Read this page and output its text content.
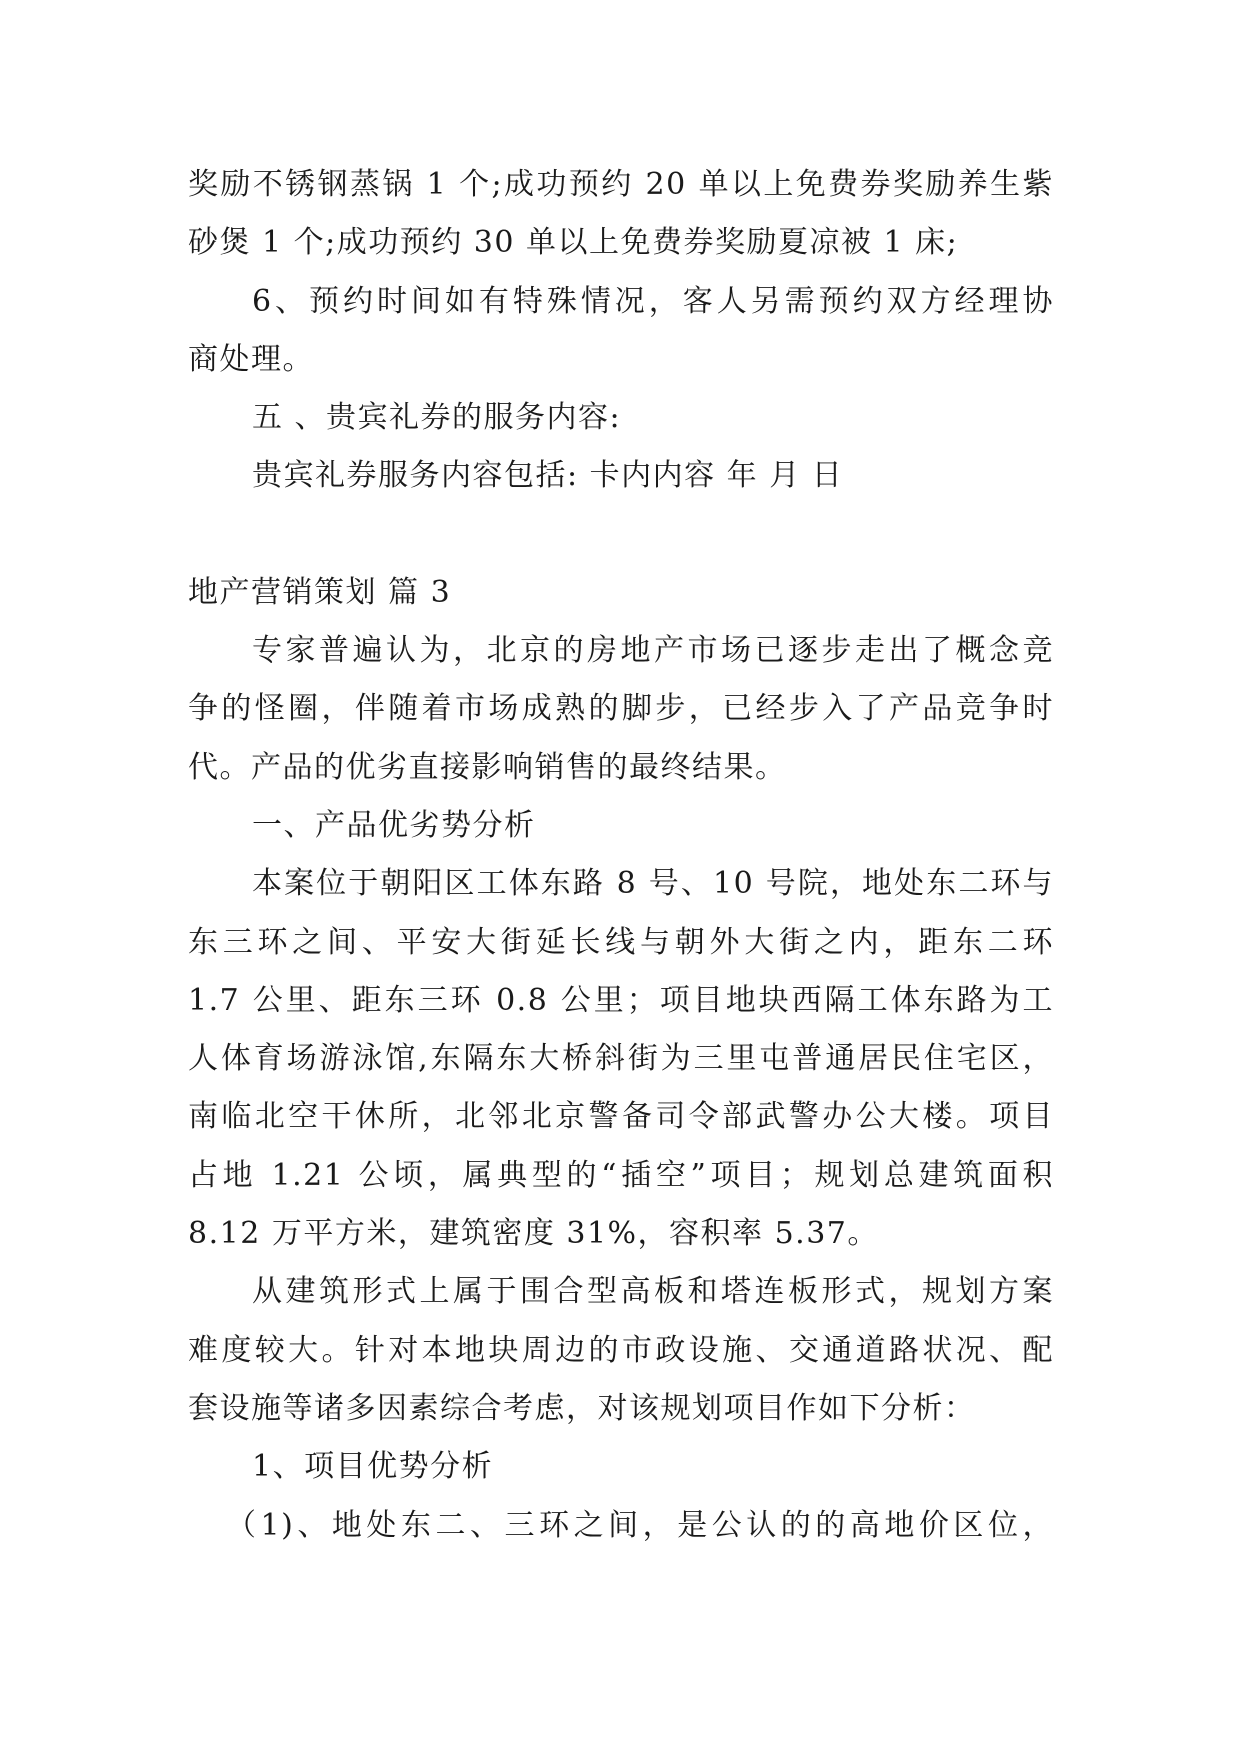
奖励不锈钢蒸锅 1 个;成功预约 20 单以上免费券奖励养生紫
砂煲 1 个;成功预约 30 单以上免费券奖励夏凉被 1 床;
6、预约时间如有特殊情况，客人另需预约双方经理协
商处理。
五 、贵宾礼券的服务内容:
贵宾礼券服务内容包括: 卡内内容 年 月 日
地产营销策划 篇 3
专家普遍认为，北京的房地产市场已逐步走出了概念竞
争的怪圈，伴随着市场成熟的脚步，已经步入了产品竞争时
代。产品的优劣直接影响销售的最终结果。
一、产品优劣势分析
本案位于朝阳区工体东路 8 号、10 号院，地处东二环与
东三环之间、平安大街延长线与朝外大街之内，距东二环
1.7 公里、距东三环 0.8 公里；项目地块西隔工体东路为工
人体育场游泳馆,东隔东大桥斜街为三里屯普通居民住宅区，
南临北空干休所，北邻北京警备司令部武警办公大楼。项目
占地 1.21 公顷，属典型的“插空”项目；规划总建筑面积
8.12 万平方米，建筑密度 31%，容积率 5.37。
从建筑形式上属于围合型高板和塔连板形式，规划方案
难度较大。针对本地块周边的市政设施、交通道路状况、配
套设施等诸多因素综合考虑，对该规划项目作如下分析：
1、项目优势分析
（1)、地处东二、三环之间，是公认的的高地价区位，
